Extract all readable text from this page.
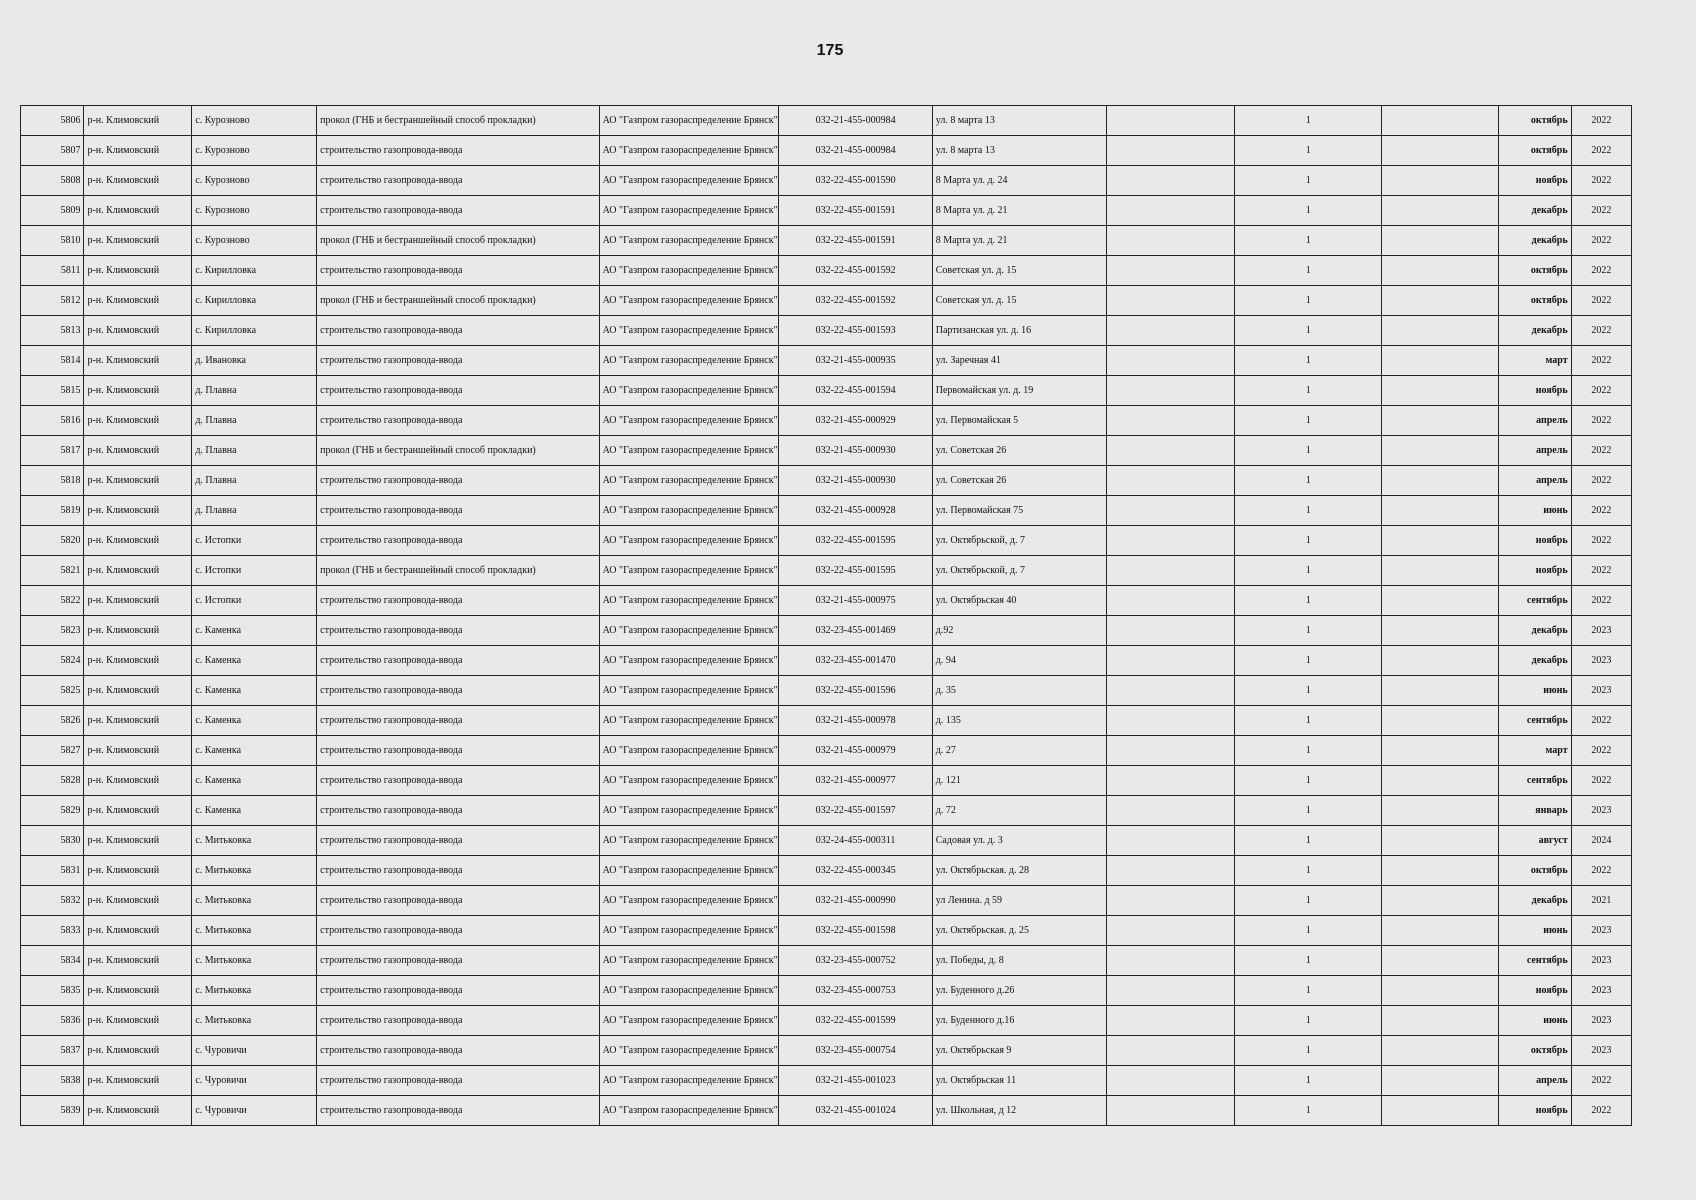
175
5806	р-н. Климовский	с. Курозново	прокол (ГНБ и бестраншейный способ прокладки)	АО "Газпром газораспределение Брянск"	032-21-455-000984	ул. 8 марта 13		1		октябрь	2022
5807	р-н. Климовский	с. Курозново	строительство газопровода-ввода	АО "Газпром газораспределение Брянск"	032-21-455-000984	ул. 8 марта 13		1		октябрь	2022
5808	р-н. Климовский	с. Курозново	строительство газопровода-ввода	АО "Газпром газораспределение Брянск"	032-22-455-001590	8 Марта ул. д. 24		1		ноябрь	2022
5809	р-н. Климовский	с. Курозново	строительство газопровода-ввода	АО "Газпром газораспределение Брянск"	032-22-455-001591	8 Марта ул. д. 21		1		декабрь	2022
5810	р-н. Климовский	с. Курозново	прокол (ГНБ и бестраншейный способ прокладки)	АО "Газпром газораспределение Брянск"	032-22-455-001591	8 Марта ул. д. 21		1		декабрь	2022
5811	р-н. Климовский	с. Кирилловка	строительство газопровода-ввода	АО "Газпром газораспределение Брянск"	032-22-455-001592	Советская ул. д. 15		1		октябрь	2022
5812	р-н. Климовский	с. Кирилловка	прокол (ГНБ и бестраншейный способ прокладки)	АО "Газпром газораспределение Брянск"	032-22-455-001592	Советская ул. д. 15		1		октябрь	2022
5813	р-н. Климовский	с. Кирилловка	строительство газопровода-ввода	АО "Газпром газораспределение Брянск"	032-22-455-001593	Партизанская ул. д. 16		1		декабрь	2022
5814	р-н. Климовский	д. Ивановка	строительство газопровода-ввода	АО "Газпром газораспределение Брянск"	032-21-455-000935	ул. Заречная 41		1		март	2022
5815	р-н. Климовский	д. Плавна	строительство газопровода-ввода	АО "Газпром газораспределение Брянск"	032-22-455-001594	Первомайская ул. д. 19		1		ноябрь	2022
5816	р-н. Климовский	д. Плавна	строительство газопровода-ввода	АО "Газпром газораспределение Брянск"	032-21-455-000929	ул. Первомайская 5		1		апрель	2022
5817	р-н. Климовский	д. Плавна	прокол (ГНБ и бестраншейный способ прокладки)	АО "Газпром газораспределение Брянск"	032-21-455-000930	ул. Советская 26		1		апрель	2022
5818	р-н. Климовский	д. Плавна	строительство газопровода-ввода	АО "Газпром газораспределение Брянск"	032-21-455-000930	ул. Советская 26		1		апрель	2022
5819	р-н. Климовский	д. Плавна	строительство газопровода-ввода	АО "Газпром газораспределение Брянск"	032-21-455-000928	ул. Первомайская 75		1		июнь	2022
5820	р-н. Климовский	с. Истопки	строительство газопровода-ввода	АО "Газпром газораспределение Брянск"	032-22-455-001595	ул. Октябрьской, д. 7		1		ноябрь	2022
5821	р-н. Климовский	с. Истопки	прокол (ГНБ и бестраншейный способ прокладки)	АО "Газпром газораспределение Брянск"	032-22-455-001595	ул. Октябрьской, д. 7		1		ноябрь	2022
5822	р-н. Климовский	с. Истопки	строительство газопровода-ввода	АО "Газпром газораспределение Брянск"	032-21-455-000975	ул. Октябрьская 40		1		сентябрь	2022
5823	р-н. Климовский	с. Каменка	строительство газопровода-ввода	АО "Газпром газораспределение Брянск"	032-23-455-001469	д.92		1		декабрь	2023
5824	р-н. Климовский	с. Каменка	строительство газопровода-ввода	АО "Газпром газораспределение Брянск"	032-23-455-001470	д. 94		1		декабрь	2023
5825	р-н. Климовский	с. Каменка	строительство газопровода-ввода	АО "Газпром газораспределение Брянск"	032-22-455-001596	д. 35		1		июнь	2023
5826	р-н. Климовский	с. Каменка	строительство газопровода-ввода	АО "Газпром газораспределение Брянск"	032-21-455-000978	д. 135		1		сентябрь	2022
5827	р-н. Климовский	с. Каменка	строительство газопровода-ввода	АО "Газпром газораспределение Брянск"	032-21-455-000979	д. 27		1		март	2022
5828	р-н. Климовский	с. Каменка	строительство газопровода-ввода	АО "Газпром газораспределение Брянск"	032-21-455-000977	д. 121		1		сентябрь	2022
5829	р-н. Климовский	с. Каменка	строительство газопровода-ввода	АО "Газпром газораспределение Брянск"	032-22-455-001597	д. 72		1		январь	2023
5830	р-н. Климовский	с. Митьковка	строительство газопровода-ввода	АО "Газпром газораспределение Брянск"	032-24-455-000311	Садовая ул. д. 3		1		август	2024
5831	р-н. Климовский	с. Митьковка	строительство газопровода-ввода	АО "Газпром газораспределение Брянск"	032-22-455-000345	ул. Октябрьская. д. 28		1		октябрь	2022
5832	р-н. Климовский	с. Митьковка	строительство газопровода-ввода	АО "Газпром газораспределение Брянск"	032-21-455-000990	ул Ленина. д 59		1		декабрь	2021
5833	р-н. Климовский	с. Митьковка	строительство газопровода-ввода	АО "Газпром газораспределение Брянск"	032-22-455-001598	ул. Октябрьская. д. 25		1		июнь	2023
5834	р-н. Климовский	с. Митьковка	строительство газопровода-ввода	АО "Газпром газораспределение Брянск"	032-23-455-000752	ул. Победы, д. 8		1		сентябрь	2023
5835	р-н. Климовский	с. Митьковка	строительство газопровода-ввода	АО "Газпром газораспределение Брянск"	032-23-455-000753	ул. Буденного д.26		1		ноябрь	2023
5836	р-н. Климовский	с. Митьковка	строительство газопровода-ввода	АО "Газпром газораспределение Брянск"	032-22-455-001599	ул. Буденного д.16		1		июнь	2023
5837	р-н. Климовский	с. Чуровичи	строительство газопровода-ввода	АО "Газпром газораспределение Брянск"	032-23-455-000754	ул. Октябрьская 9		1		октябрь	2023
5838	р-н. Климовский	с. Чуровичи	строительство газопровода-ввода	АО "Газпром газораспределение Брянск"	032-21-455-001023	ул. Октябрьская 11		1		апрель	2022
5839	р-н. Климовский	с. Чуровичи	строительство газопровода-ввода	АО "Газпром газораспределение Брянск"	032-21-455-001024	ул. Школьная, д 12		1		ноябрь	2022
